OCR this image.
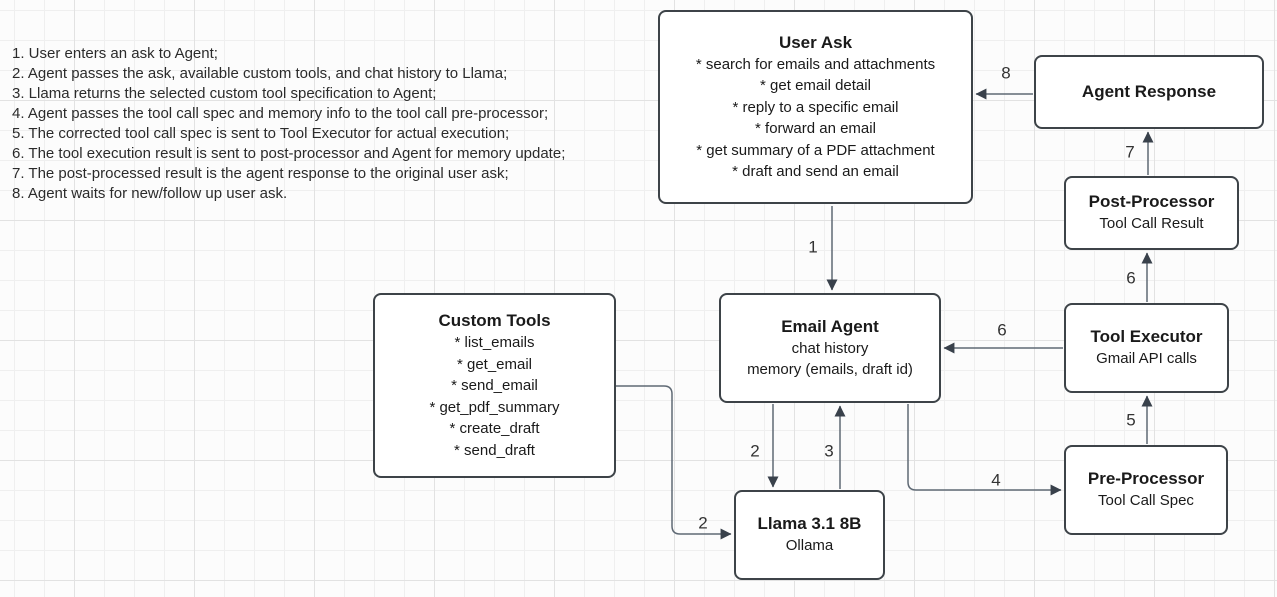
1. User enters an ask to Agent;
2. Agent passes the ask, available custom tools, and chat history to Llama;
3. Llama returns the selected custom tool specification to Agent;
4. Agent passes the tool call spec and memory info to the tool call pre-processor;
5. The corrected tool call spec is sent to Tool Executor for actual execution;
6. The tool execution result is sent to post-processor and Agent for memory update;
7. The post-processed result is the agent response to the original user ask;
8. Agent waits for new/follow up user ask.
1
2	3
2
4
5
6
6
7
8
User Ask
* search for emails and attachments
* get email detail
* reply to a specific email
* forward an email
* get summary of a PDF attachment
* draft and send an email
Agent Response
Post-Processor
Tool Call Result
Tool Executor
Gmail API calls
Pre-Processor
Tool Call Spec
Email Agent
chat history
memory (emails, draft id)
Custom Tools
* list_emails
* get_email
* send_email
* get_pdf_summary
* create_draft
* send_draft
Llama 3.1 8B
Ollama
